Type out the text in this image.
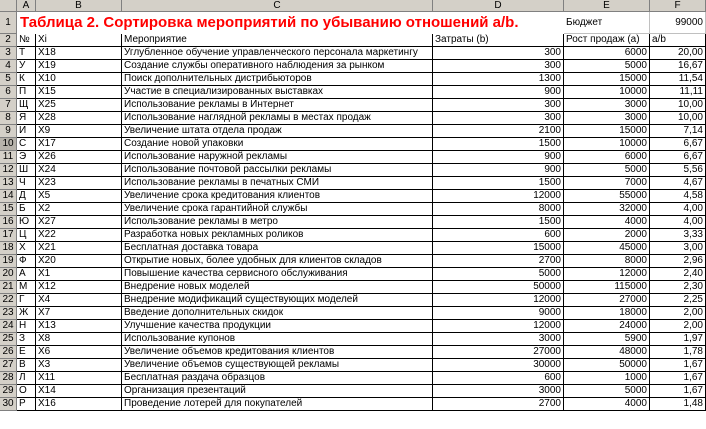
A	B	C	D	E	F
1
2
3
4
5
6
7
8
9
10
11
12
13
14
15
16
17
18
19
20
21
22
23
24
25
26
27
28
29
30
№ Xi	Мероприятие	Затраты (b)	Рост продаж (a)	a/b
Т	X18	Углубленное обучение управленческого персонала маркетингу	300	6000	20,00
У	X19	Создание службы оперативного наблюдения за рынком	300	5000	16,67
К	X10	Поиск дополнительных дистрибьюторов	1300	15000	11,54
П	X15	Участие в специализированных выставках	900	10000	11,11
Щ X25	Использование рекламы в Интернет	300	3000	10,00
Я	X28	Использование наглядной рекламы в местах продаж	300	3000	10,00
И	X9	Увеличение штата отдела продаж	2100	15000	7,14
С	X17	Создание новой упаковки	1500	10000	6,67
Э	X26	Использование наружной рекламы	900	6000	6,67
Ш X24	Использование почтовой рассылки рекламы	900	5000	5,56
Ч	X23	Использование рекламы в печатных СМИ	1500	7000	4,67
Д	X5	Увеличение срока кредитования клиентов	12000	55000	4,58
Б	X2	Увеличение срока гарантийной службы	8000	32000	4,00
Ю X27	Использование рекламы в метро	1500	4000	4,00
Ц	X22	Разработка новых рекламных роликов	600	2000	3,33
Х	X21	Бесплатная доставка товара	15000	45000	3,00
Ф	X20	Открытие новых, более удобных для клиентов складов	2700	8000	2,96
А	X1	Повышение качества сервисного обслуживания	5000	12000	2,40
М	X12	Внедрение новых моделей	50000	115000	2,30
Г	X4	Внедрение модификаций существующих моделей	12000	27000	2,25
Ж X7	Введение дополнительных скидок	9000	18000	2,00
Н	X13	Улучшение качества продукции	12000	24000	2,00
З	X8	Использование купонов	3000	5900	1,97
Е	X6	Увеличение объемов кредитования клиентов	27000	48000	1,78
В	X3	Увеличение объемов существующей рекламы	30000	50000	1,67
Л	X11	Бесплатная раздача образцов	600	1000	1,67
О	X14	Организация презентаций	3000	5000	1,67
Р	X16	Проведение лотерей для покупателей	2700	4000	1,48
Таблица 2. Сортировка мероприятий по убыванию отношений a/b.	Бюджет	99000
